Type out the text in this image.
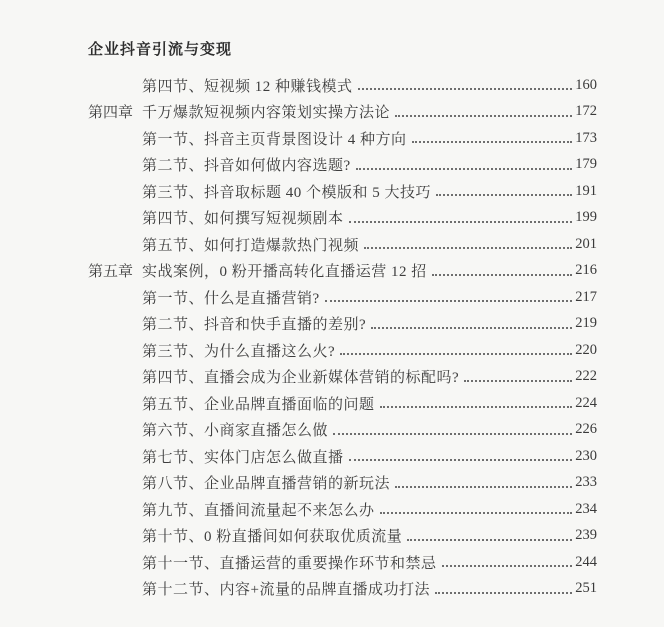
企业抖音引流与变现
第四节、短视频 12 种赚钱模式	160
第四章 千万爆款短视频内容策划实操方法论	172
第一节、抖音主页背景图设计 4 种方向	173
第二节、抖音如何做内容选题?	179
第三节、抖音取标题 40 个模版和 5 大技巧	191
第四节、如何撰写短视频剧本	199
第五节、如何打造爆款热门视频	201
第五章 实战案例，0 粉开播高转化直播运营 12 招	216
第一节、什么是直播营销?	217
第二节、抖音和快手直播的差别?	219
第三节、为什么直播这么火?	220
第四节、直播会成为企业新媒体营销的标配吗?	222
第五节、企业品牌直播面临的问题	224
第六节、小商家直播怎么做	226
第七节、实体门店怎么做直播	230
第八节、企业品牌直播营销的新玩法	233
第九节、直播间流量起不来怎么办	234
第十节、0 粉直播间如何获取优质流量	239
第十一节、直播运营的重要操作环节和禁忌	244
第十二节、内容+流量的品牌直播成功打法	251
